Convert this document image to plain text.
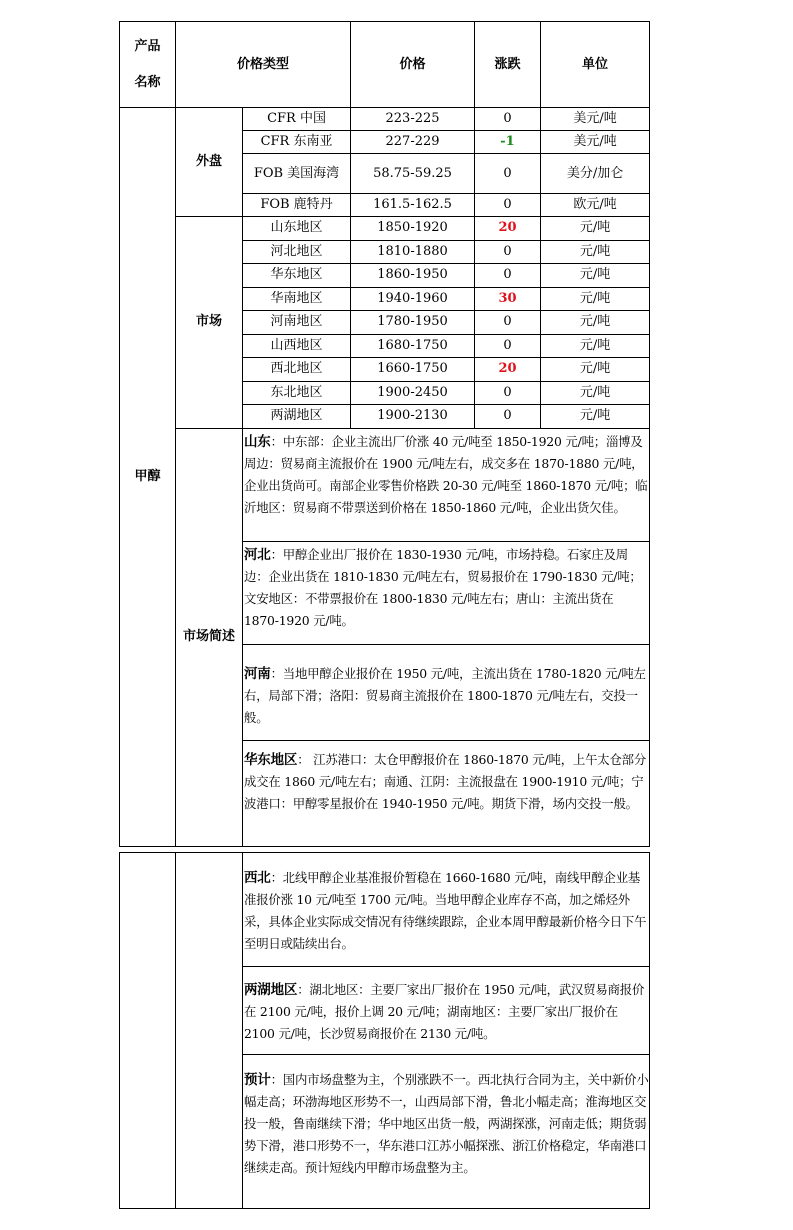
产品
名称	价格类型		价格	涨跌	单位
甲醇	外盘	CFR 中国	223-225	0	美元/吨
		CFR 东南亚	227-229	-1	美元/吨
		FOB 美国海湾	58.75-59.25	0	美分/加仑
		FOB 鹿特丹	161.5-162.5	0	欧元/吨
	市场	山东地区	1850-1920	20	元/吨
		河北地区	1810-1880	0	元/吨
		华东地区	1860-1950	0	元/吨
		华南地区	1940-1960	30	元/吨
		河南地区	1780-1950	0	元/吨
		山西地区	1680-1750	0	元/吨
		西北地区	1660-1750	20	元/吨
		东北地区	1900-2450	0	元/吨
		两湖地区	1900-2130	0	元/吨
	市场简述	山东：中东部：企业主流出厂价涨 40 元/吨至 1850-1920 元/吨；淄博及周边：贸易商主流报价在 1900 元/吨左右，成交多在 1870-1880 元/吨，企业出货尚可。南部企业零售价格跌 20-30 元/吨至 1860-1870 元/吨；临沂地区：贸易商不带票送到价格在 1850-1860 元/吨，企业出货欠佳。			
		河北：甲醇企业出厂报价在 1830-1930 元/吨，市场持稳。石家庄及周边：企业出货在 1810-1830 元/吨左右，贸易报价在 1790-1830 元/吨；文安地区：不带票报价在 1800-1830 元/吨左右；唐山：主流出货在 1870-1920 元/吨。			
		河南：当地甲醇企业报价在 1950 元/吨，主流出货在 1780-1820 元/吨左右，局部下滑；洛阳：贸易商主流报价在 1800-1870 元/吨左右，交投一般。			
		华东地区： 江苏港口：太仓甲醇报价在 1860-1870 元/吨，上午太仓部分成交在 1860 元/吨左右；南通、江阴：主流报盘在 1900-1910 元/吨；宁波港口：甲醇零星报价在 1940-1950 元/吨。期货下滑，场内交投一般。			
		西北：北线甲醇企业基准报价暂稳在 1660-1680 元/吨，南线甲醇企业基准报价涨 10 元/吨至 1700 元/吨。当地甲醇企业库存不高，加之烯烃外采，具体企业实际成交情况有待继续跟踪，企业本周甲醇最新价格今日下午至明日或陆续出台。
两湖地区：湖北地区：主要厂家出厂报价在 1950 元/吨，武汉贸易商报价在 2100 元/吨，报价上调 20 元/吨；湖南地区：主要厂家出厂报价在 2100 元/吨，长沙贸易商报价在 2130 元/吨。
预计：国内市场盘整为主，个别涨跌不一。西北执行合同为主，关中新价小幅走高；环渤海地区形势不一，山西局部下滑，鲁北小幅走高；淮海地区交投一般，鲁南继续下滑；华中地区出货一般，两湖探涨，河南走低；期货弱势下滑，港口形势不一，华东港口江苏小幅探涨、浙江价格稳定，华南港口继续走高。预计短线内甲醇市场盘整为主。
